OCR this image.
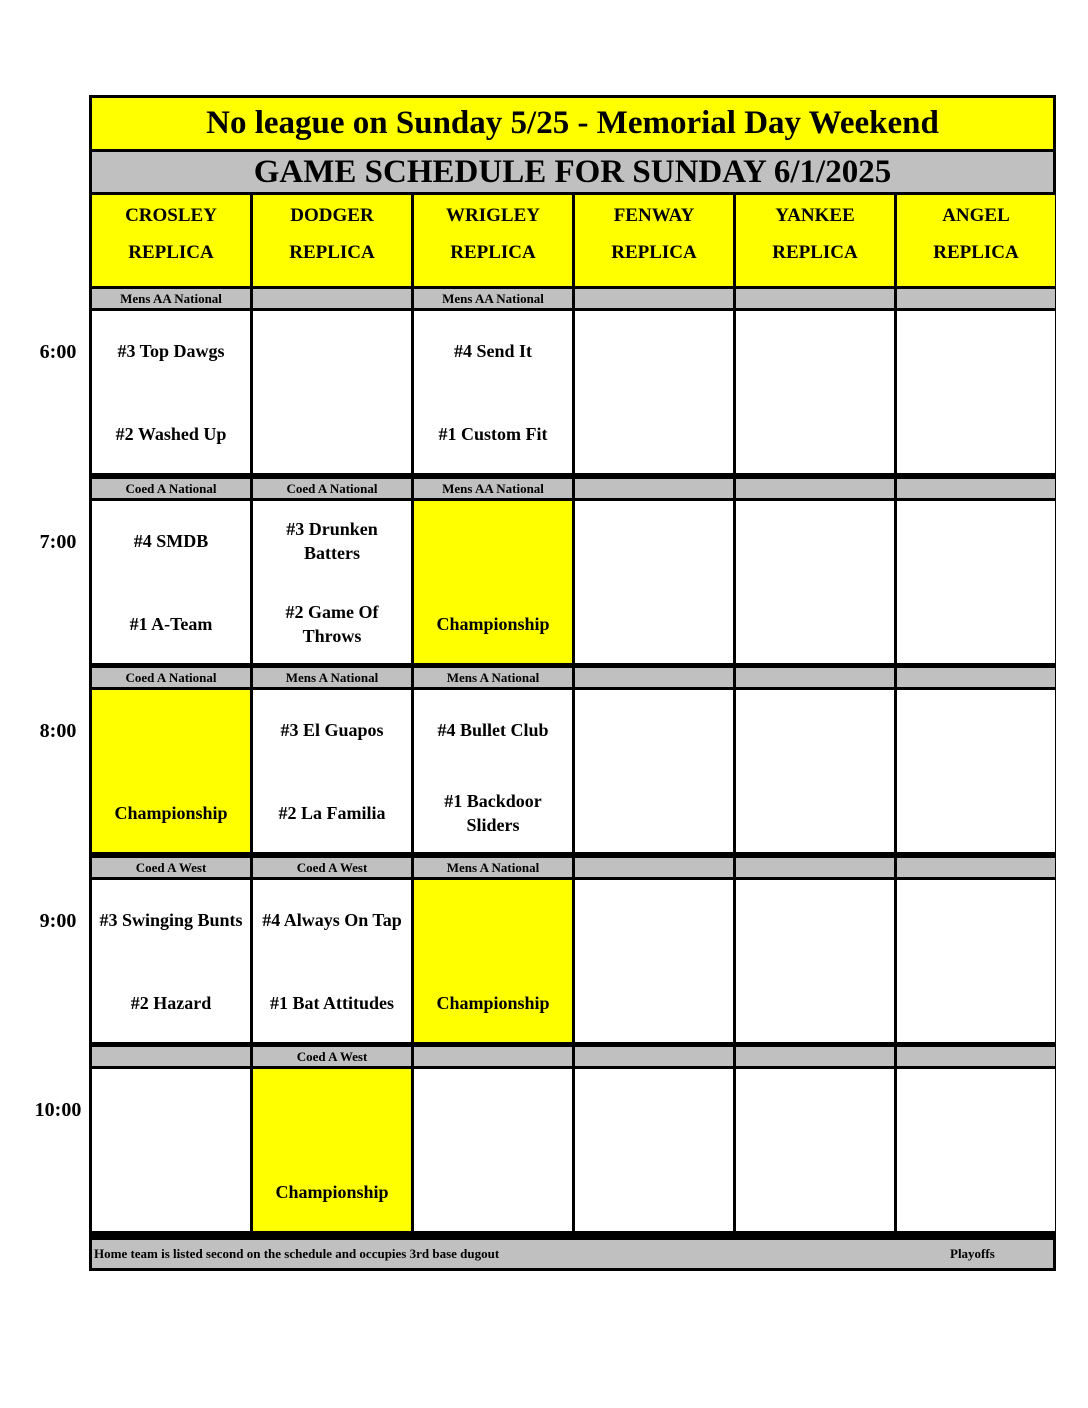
No league on Sunday 5/25 - Memorial Day Weekend
GAME SCHEDULE FOR SUNDAY 6/1/2025
CROSLEY
REPLICA
DODGER
REPLICA
WRIGLEY
REPLICA
FENWAY
REPLICA
YANKEE
REPLICA
ANGEL
REPLICA
Mens AA National
#3 Top Dawgs
#2 Washed Up
Mens AA National
#4 Send It
#1 Custom Fit
Coed A National
#4 SMDB
#1 A-Team
Coed A National
#3 Drunken Batters
#2 Game Of Throws
Mens AA National
Championship
Coed A National
Championship
Mens A National
#3 El Guapos
#2 La Familia
Mens A National
#4 Bullet Club
#1 Backdoor Sliders
Coed A West
#3 Swinging Bunts
#2 Hazard
Coed A West
#4 Always On Tap
#1 Bat Attitudes
Mens A National
Championship
Coed A West
Championship
Home team is listed second on the schedule and occupies 3rd base dugout	Playoffs
6:00
7:00
8:00
9:00
10:00
